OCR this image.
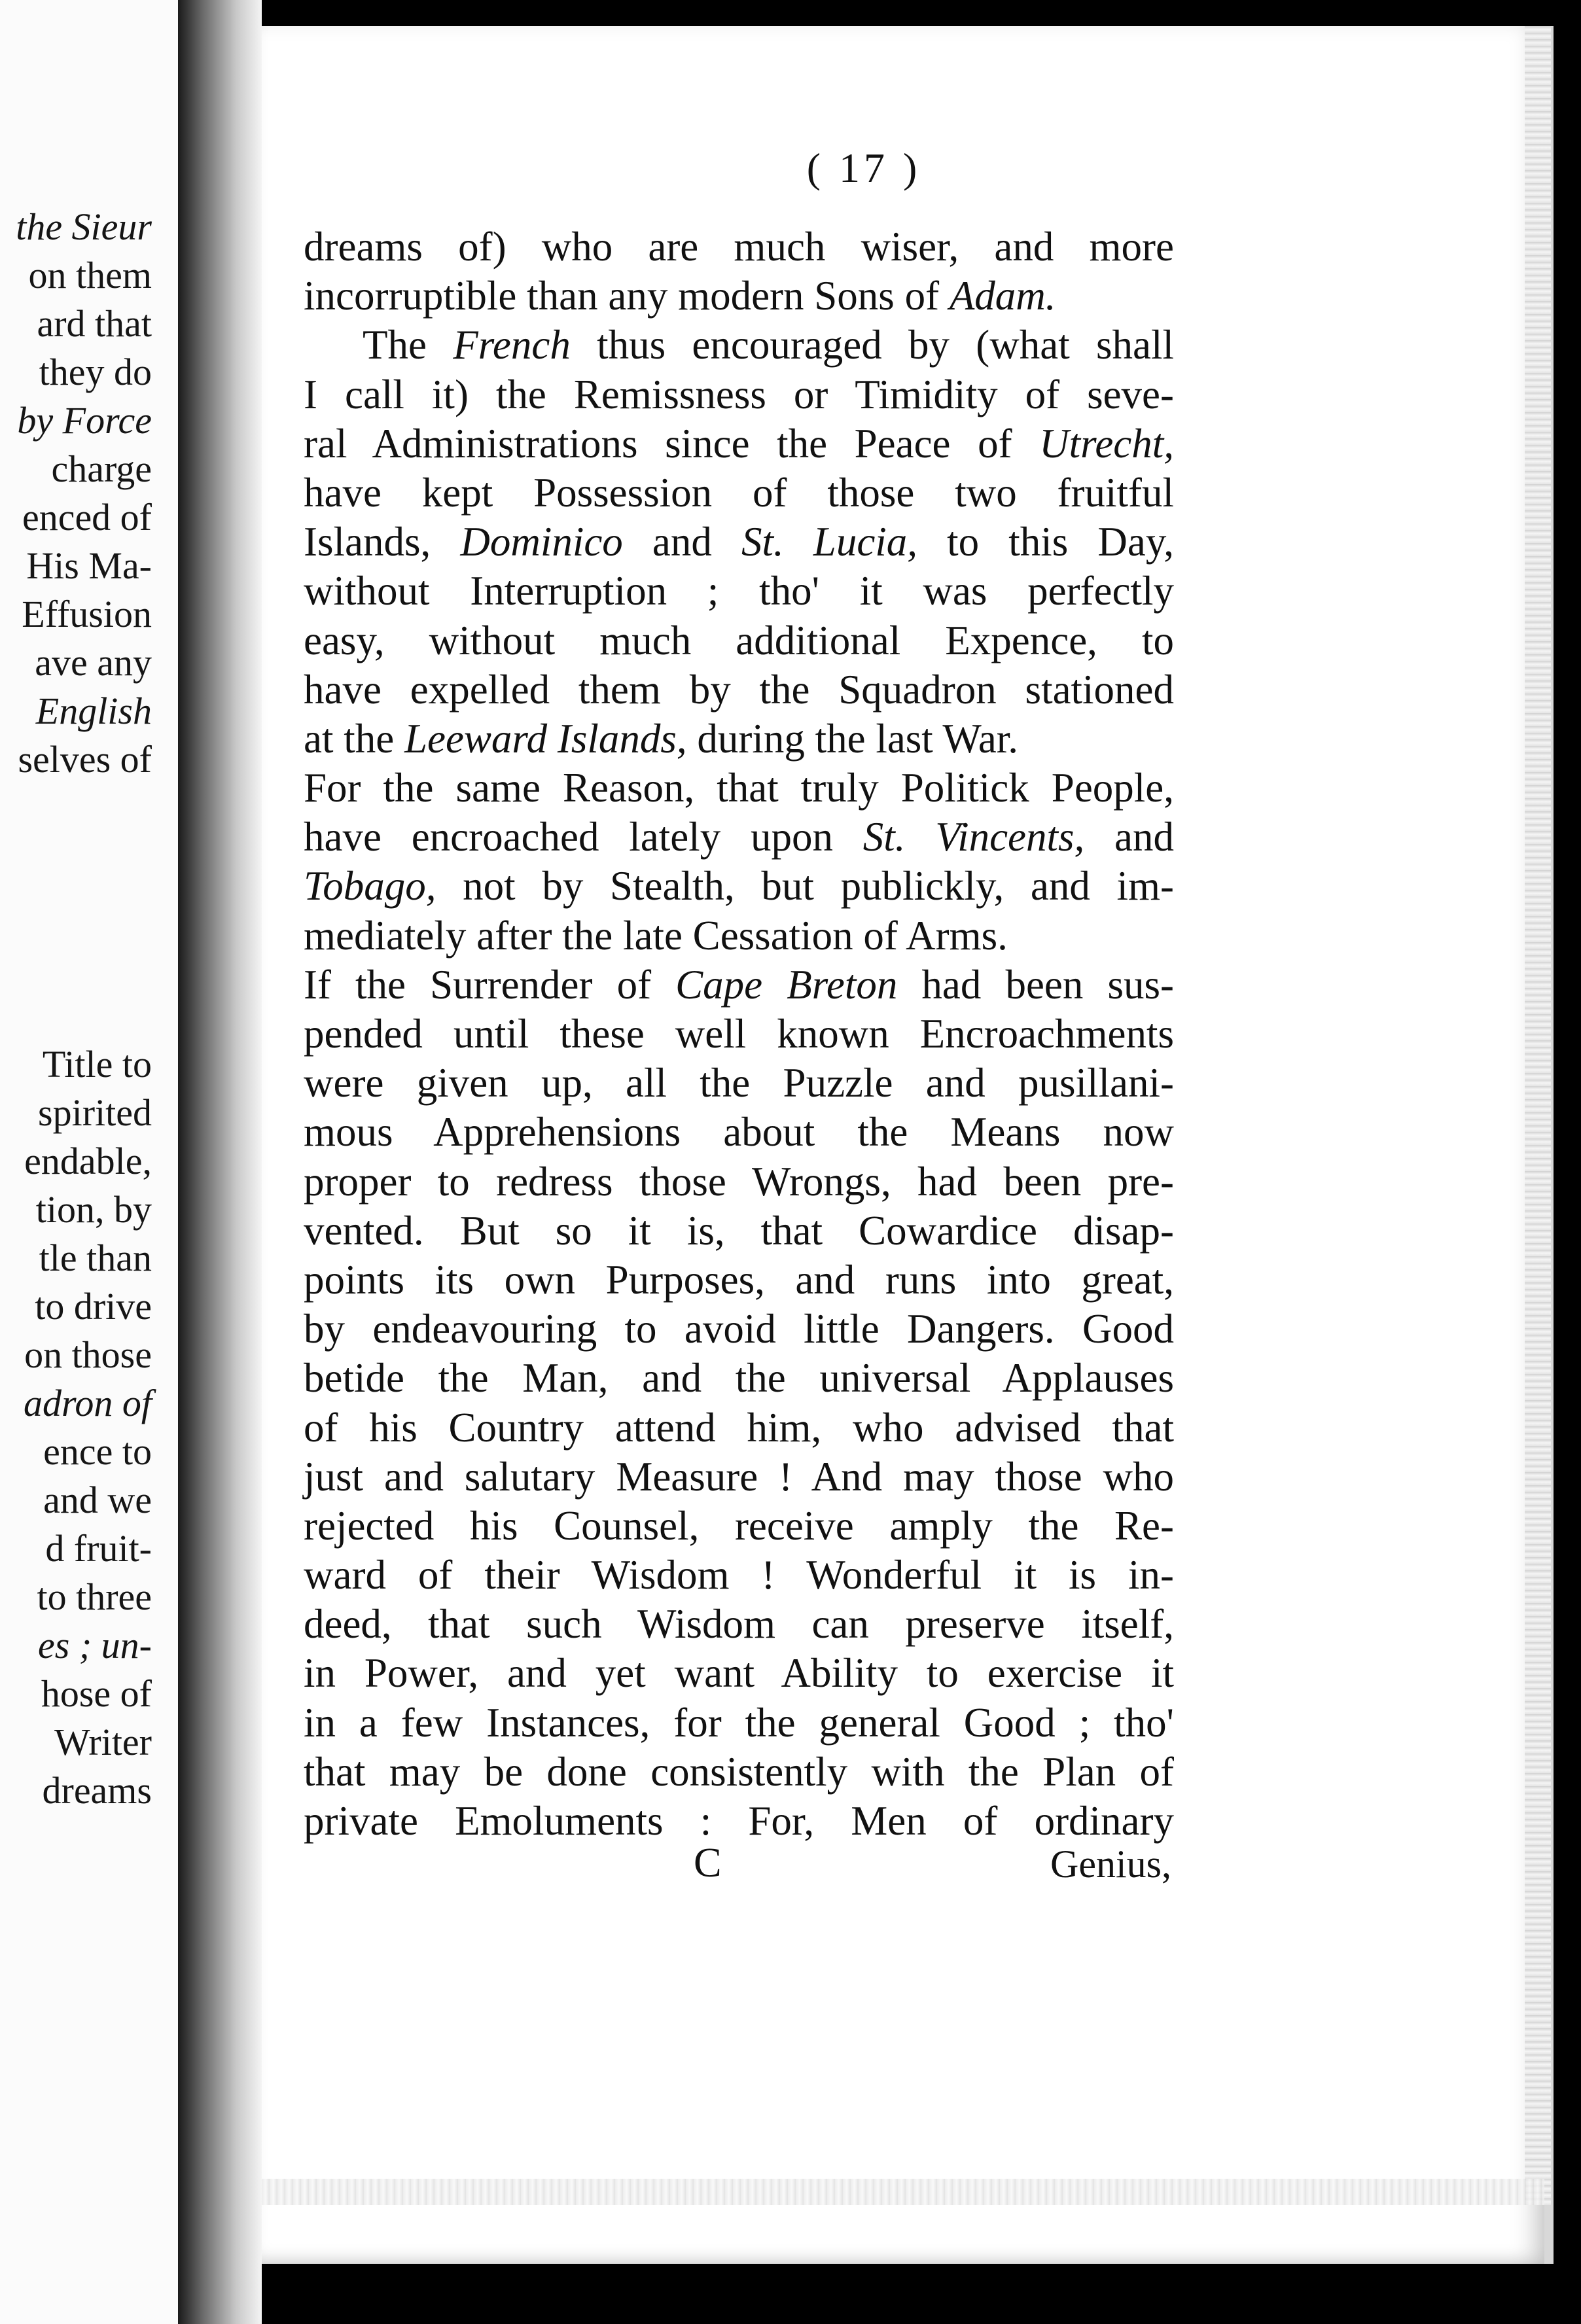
the Sieur
on them
ard that
they do
by Force
charge
enced of
His Ma-
Effusion
ave any
English
selves of
Title to
spirited
endable,
tion, by
tle than
to drive
on those
adron of
ence to
and we
d fruit-
to three
es ; un-
hose of
Writer
dreams
( 17 )
dreams of) who are much wiser, and more
incorruptible than any modern Sons of Adam.
The French thus encouraged by (what shall
I call it) the Remissness or Timidity of seve-
ral Administrations since the Peace of Utrecht,
have kept Possession of those two fruitful
Islands, Dominico and St. Lucia, to this Day,
without Interruption ; tho' it was perfectly
easy, without much additional Expence, to
have expelled them by the Squadron stationed
at the Leeward Islands, during the last War.
For the same Reason, that truly Politick People,
have encroached lately upon St. Vincents, and
Tobago, not by Stealth, but publickly, and im-
mediately after the late Cessation of Arms.
If the Surrender of Cape Breton had been sus-
pended until these well known Encroachments
were given up, all the Puzzle and pusillani-
mous Apprehensions about the Means now
proper to redress those Wrongs, had been pre-
vented. But so it is, that Cowardice disap-
points its own Purposes, and runs into great,
by endeavouring to avoid little Dangers. Good
betide the Man, and the universal Applauses
of his Country attend him, who advised that
just and salutary Measure ! And may those who
rejected his Counsel, receive amply the Re-
ward of their Wisdom ! Wonderful it is in-
deed, that such Wisdom can preserve itself,
in Power, and yet want Ability to exercise it
in a few Instances, for the general Good ; tho'
that may be done consistently with the Plan of
private Emoluments : For, Men of ordinary
C	Genius,
